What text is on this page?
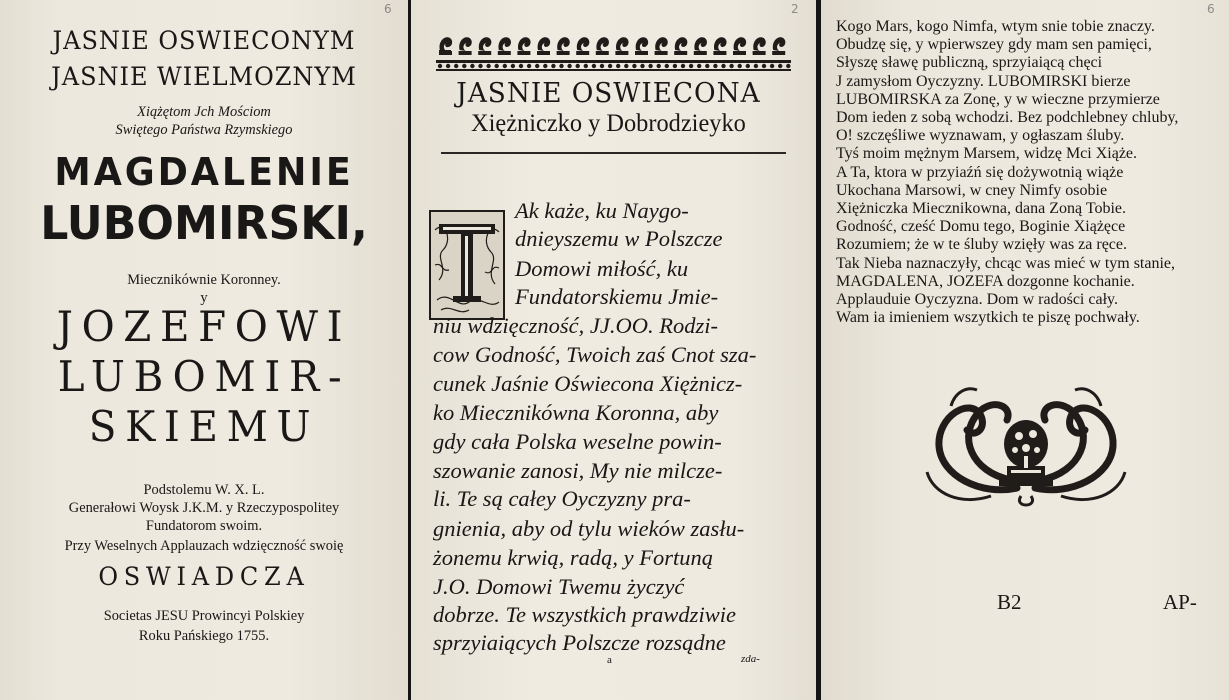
6
JASNIE OSWIECONYM
JASNIE WIELMOZNYM
Xiążętom Jch Mościom
Swiętego Państwa Rzymskiego
MAGDALENIE
LUBOMIRSKI,
Miecznikównie Koronney.
y
JOZEFOWI
LUBOMIR-
SKIEMU
Podstolemu W. X. L.
Generałowi Woysk J.K.M. y Rzeczypospolitey
Fundatorom swoim.
Przy Weselnych Applauzach wdzięczność swoię
OSWIADCZA
Societas JESU Prowincyi Polskiey
Roku Pańskiego 1755.
2
JASNIE OSWIECONA
Xiężniczko y Dobrodzieyko
Ak każe, ku Naygo-
dnieyszemu w Polszcze
Domowi miłość, ku
Fundatorskiemu Jmie-
niu wdzięczność, JJ.OO. Rodzi-
cow Godność, Twoich zaś Cnot sza-
cunek Jaśnie Oświecona Xiężnicz-
ko Miecznikówna Koronna, aby
gdy cała Polska weselne powin-
szowanie zanosi, My nie milcze-
li. Te są całey Oyczyzny pra-
gnienia, aby od tylu wieków zasłu-
żonemu krwią, radą, y Fortuną
J.O. Domowi Twemu życzyć
dobrze. Te wszystkich prawdziwie
sprzyiaiących Polszcze rozsądne
a	zda-
6
Kogo Mars, kogo Nimfa, wtym snie tobie znaczy.
Obudzę się, y wpierwszey gdy mam sen pamięci,
Słyszę sławę publiczną, sprzyiaiącą chęci
J zamysłom Oyczyzny. LUBOMIRSKI bierze
LUBOMIRSKA za Zonę, y w wieczne przymierze
Dom ieden z sobą wchodzi. Bez podchlebney chluby,
O! szczęśliwe wyznawam, y ogłaszam śluby.
Tyś moim mężnym Marsem, widzę Mci Xiąże.
A Ta, ktora w przyiaźń się dożywotnią wiąże
Ukochana Marsowi, w cney Nimfy osobie
Xiężniczka Miecznikowna, dana Zoną Tobie.
Godność, cześć Domu tego, Boginie Xiążęce
Rozumiem; że w te śluby wzięły was za ręce.
Tak Nieba naznaczyły, chcąc was mieć w tym stanie,
MAGDALENA, JOZEFA dozgonne kochanie.
Applauduie Oyczyzna. Dom w radości cały.
Wam ia imieniem wszytkich te piszę pochwały.
B2	AP-
